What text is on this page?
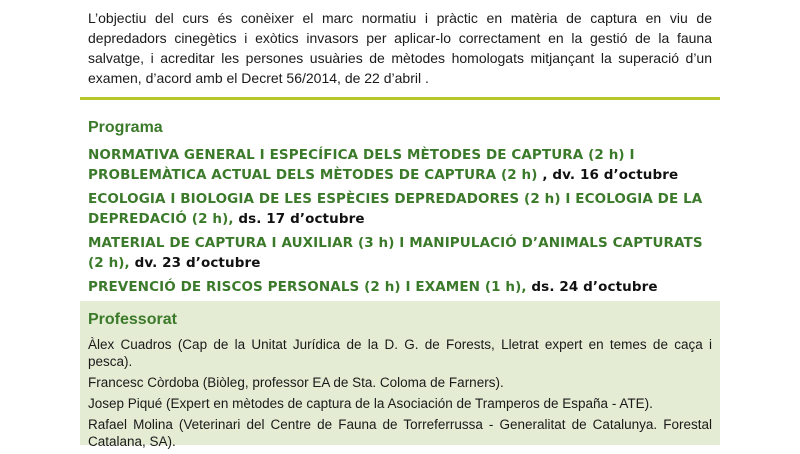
L’objectiu del curs és conèixer el marc normatiu i pràctic en matèria de captura en viu de depredadors cinegètics i exòtics invasors per aplicar-lo correctament en la gestió de la fauna salvatge, i acreditar les persones usuàries de mètodes homologats mitjançant la superació d’un examen, d’acord amb el Decret 56/2014, de 22 d’abril .
Programa
NORMATIVA GENERAL I ESPECÍFICA DELS MÈTODES DE CAPTURA (2 h) I PROBLEMÀTICA ACTUAL DELS MÈTODES DE CAPTURA (2 h) , dv. 16 d’octubre
ECOLOGIA I BIOLOGIA DE LES ESPÈCIES DEPREDADORES (2 h) I ECOLOGIA DE LA DEPREDACIÓ (2 h), ds. 17 d’octubre
MATERIAL DE CAPTURA I AUXILIAR (3 h) I MANIPULACIÓ D’ANIMALS CAPTURATS (2 h), dv. 23 d’octubre
PREVENCIÓ DE RISCOS PERSONALS (2 h) I EXAMEN (1 h), ds. 24 d’octubre
Professorat
Àlex Cuadros (Cap de la Unitat Jurídica de la D. G. de Forests, Lletrat expert en temes de caça i pesca).
Francesc Còrdoba (Biòleg, professor EA de Sta. Coloma de Farners).
Josep Piqué (Expert en mètodes de captura de la Asociación de Tramperos de España - ATE).
Rafael Molina (Veterinari del Centre de Fauna de Torreferrussa - Generalitat de Catalunya. Forestal Catalana, SA).
